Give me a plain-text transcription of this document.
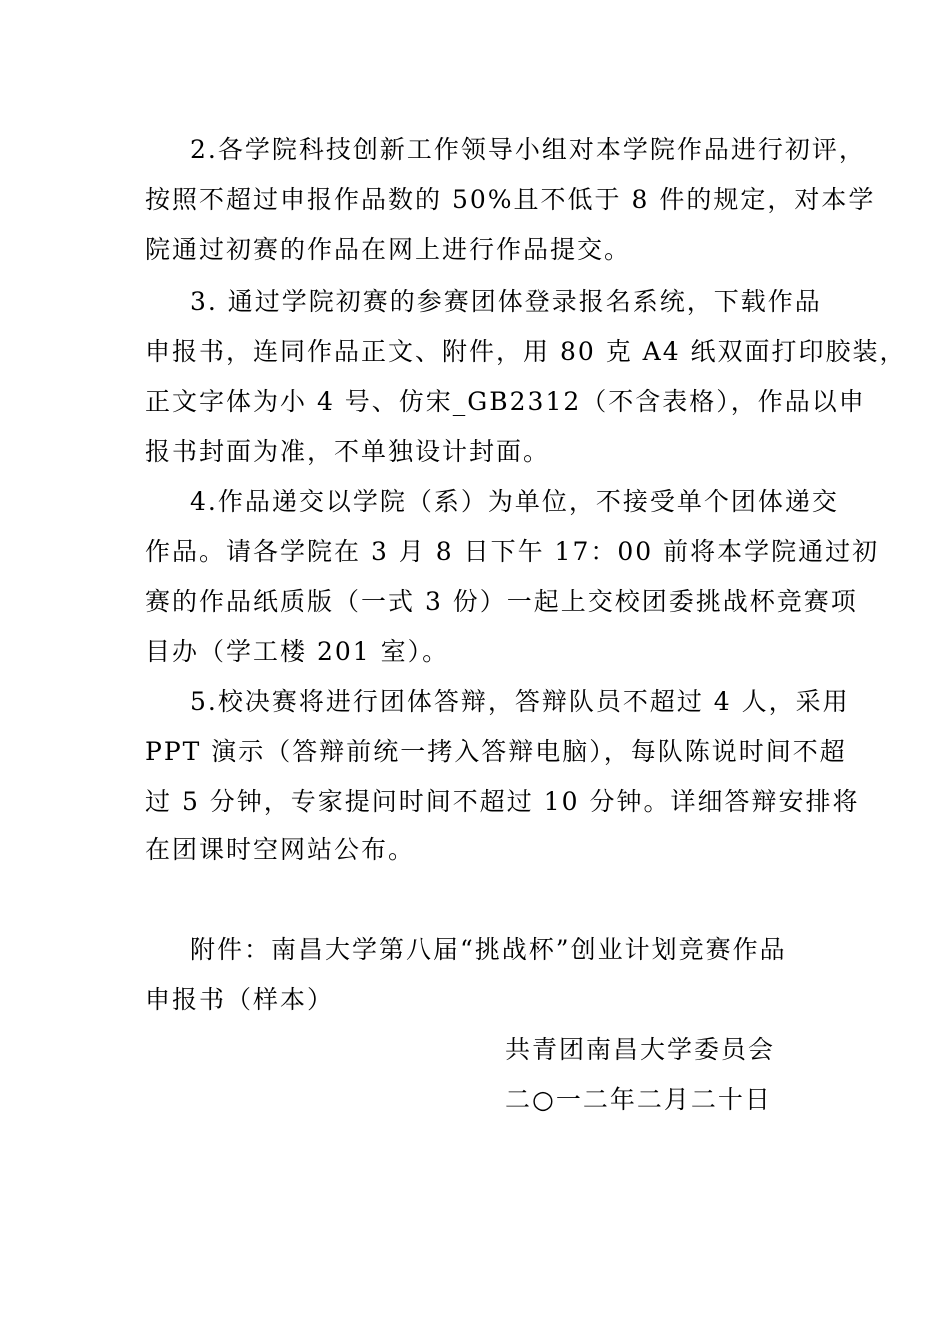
2.各学院科技创新工作领导小组对本学院作品进行初评，
按照不超过申报作品数的 50%且不低于 8 件的规定，对本学
院通过初赛的作品在网上进行作品提交。
3. 通过学院初赛的参赛团体登录报名系统，下载作品
申报书，连同作品正文、附件，用 80 克 A4 纸双面打印胶装，
正文字体为小 4 号、仿宋_GB2312（不含表格），作品以申
报书封面为准，不单独设计封面。
4.作品递交以学院（系）为单位，不接受单个团体递交
作品。请各学院在 3 月 8 日下午 17：00 前将本学院通过初
赛的作品纸质版（一式 3 份）一起上交校团委挑战杯竞赛项
目办（学工楼 201 室）。
5.校决赛将进行团体答辩，答辩队员不超过 4 人，采用
PPT 演示（答辩前统一拷入答辩电脑），每队陈说时间不超
过 5 分钟，专家提问时间不超过 10 分钟。详细答辩安排将
在团课时空网站公布。
附件：南昌大学第八届“挑战杯”创业计划竞赛作品
申报书（样本）
共青团南昌大学委员会
二○一二年二月二十日
